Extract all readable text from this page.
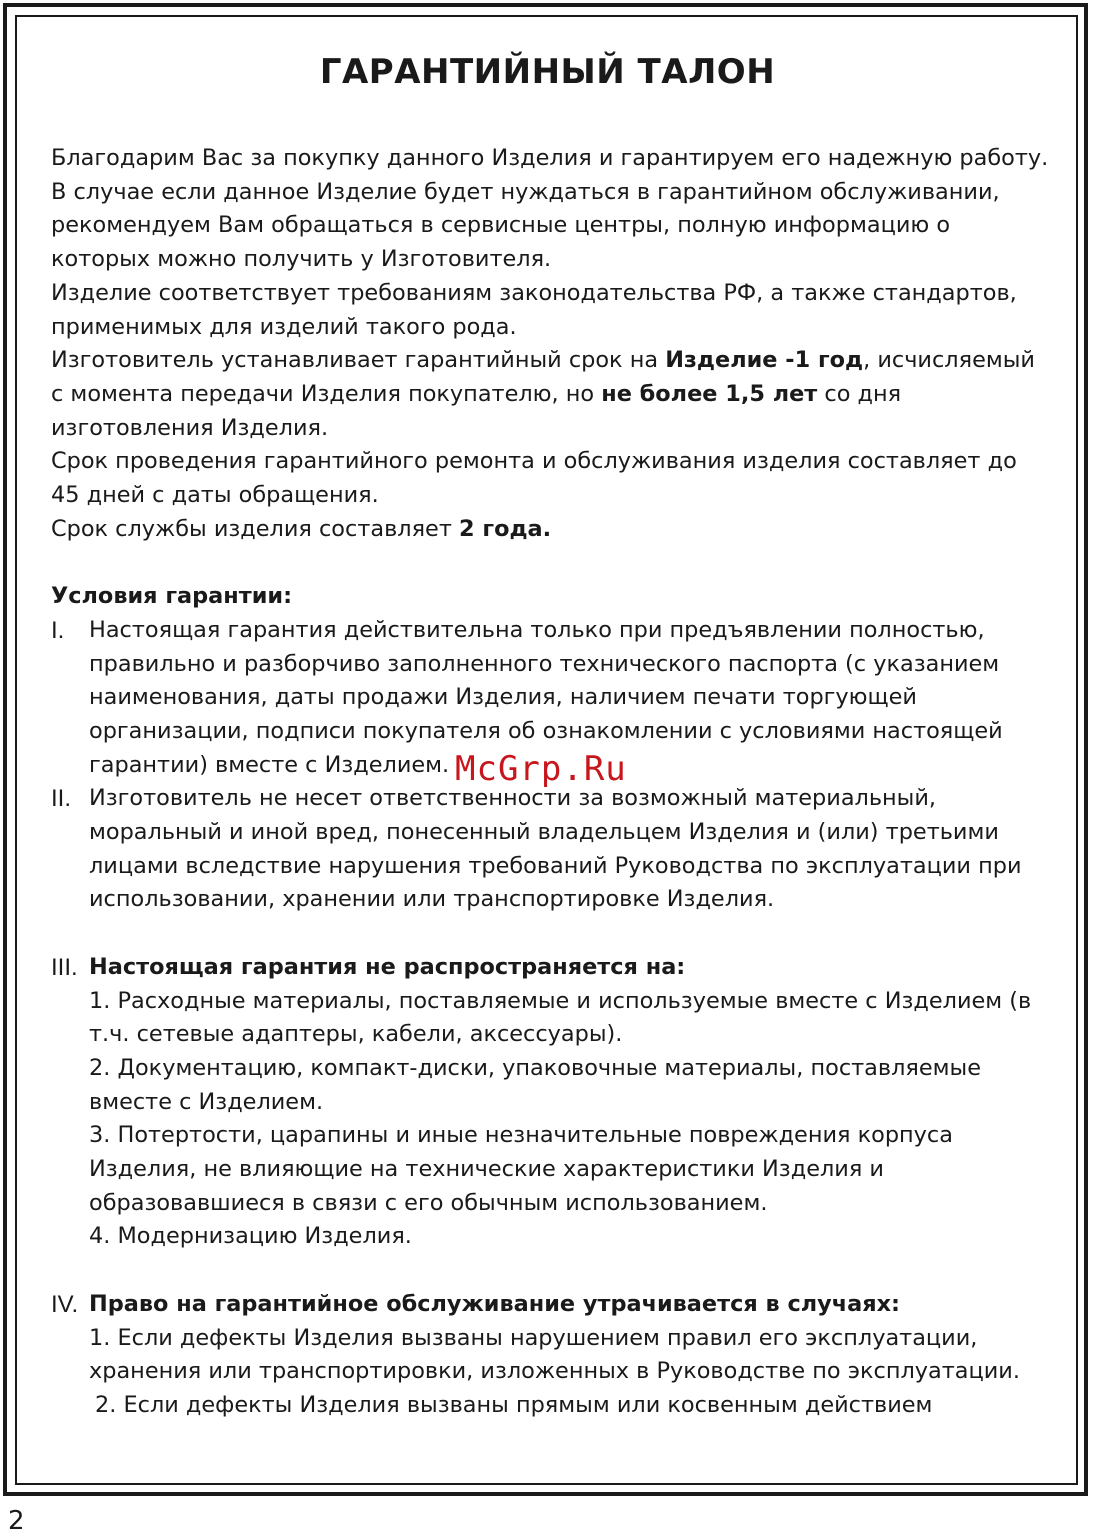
ГАРАНТИЙНЫЙ ТАЛОН

Благодарим Вас за покупку данного Изделия и гарантируем его надежную работу. В случае если данное Изделие будет нуждаться в гарантийном обслуживании, рекомендуем Вам обращаться в сервисные центры, полную информацию о которых можно получить у Изготовителя.

Изделие соответствует требованиям законодательства РФ, а также стандартов, применимых для изделий такого рода.

Изготовитель устанавливает гарантийный срок на Изделие -1 год, исчисляемый с момента передачи Изделия покупателю, но не более 1,5 лет со дня изготовления Изделия.

Срок проведения гарантийного ремонта и обслуживания изделия составляет до 45 дней с даты обращения.

Срок службы изделия составляет 2 года.

Условия гарантии:

I. Настоящая гарантия действительна только при предъявлении полностью, правильно и разборчиво заполненного технического паспорта (с указанием наименования, даты продажи Изделия, наличием печати торгующей организации, подписи покупателя об ознакомлении с условиями настоящей гарантии) вместе с Изделием.

II. Изготовитель не несет ответственности за возможный материальный, моральный и иной вред, понесенный владельцем Изделия и (или) третьими лицами вследствие нарушения требований Руководства по эксплуатации при использовании, хранении или транспортировке Изделия.

III. Настоящая гарантия не распространяется на:

1. Расходные материалы, поставляемые и используемые вместе с Изделием (в т.ч. сетевые адаптеры, кабели, аксессуары).

2. Документацию, компакт-диски, упаковочные материалы, поставляемые вместе с Изделием.

3. Потертости, царапины и иные незначительные повреждения корпуса Изделия, не влияющие на технические характеристики Изделия и образовавшиеся в связи с его обычным использованием.

4. Модернизацию Изделия.

IV. Право на гарантийное обслуживание утрачивается в случаях:

1. Если дефекты Изделия вызваны нарушением правил его эксплуатации, хранения или транспортировки, изложенных в Руководстве по эксплуатации.

2. Если дефекты Изделия вызваны прямым или косвенным действием

McGrp.Ru
2
